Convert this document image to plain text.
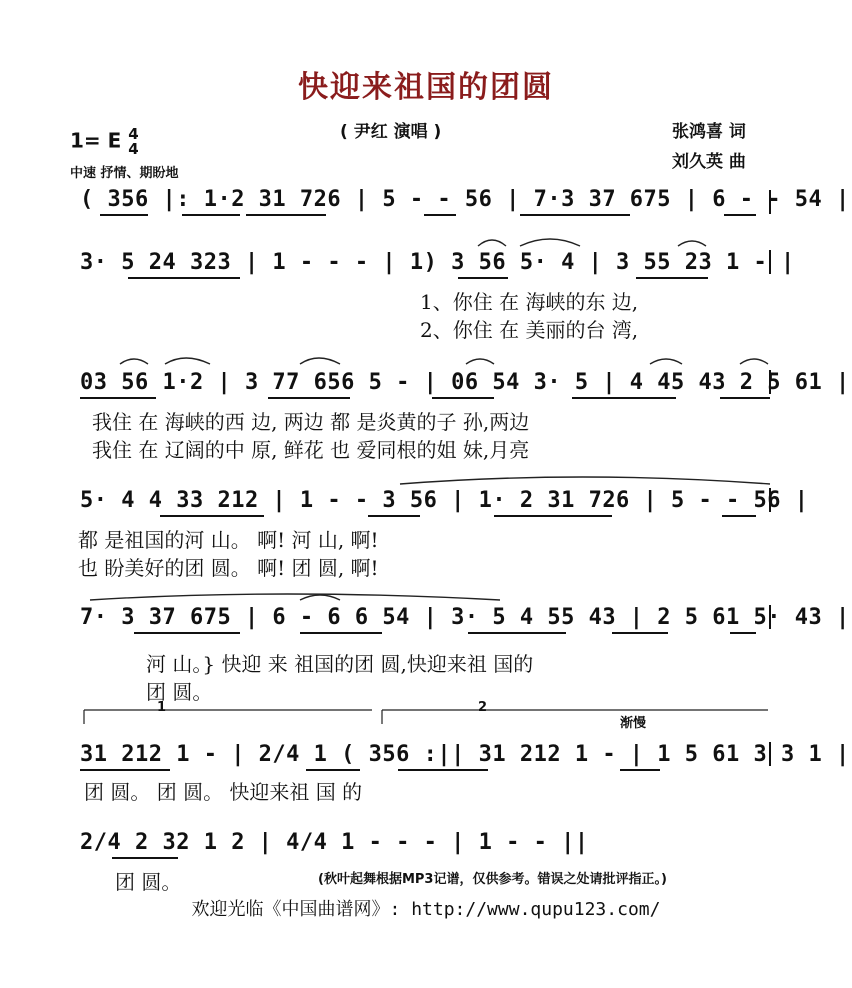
快迎来祖国的团圆
( 尹红 演唱 )	张鸿喜 词
刘久英 曲
1= E 4
4
中速 抒情、期盼地
( 356 |: 1·2 31 726 | 5 - - 56 | 7·3 37 675 | 6 - - 54 |
3· 5 24 323 | 1 - - - | 1) 3 56 5· 4 | 3 55 23 1 - |
1、你住 在 海峡的东 边,
2、你住 在 美丽的台 湾,
03 56 1·2 | 3 77 656 5 - | 06 54 3· 5 | 4 45 43 2 5 61 |
我住 在 海峡的西 边, 两边 都 是炎黄的子 孙,两边
我住 在 辽阔的中 原, 鲜花 也 爱同根的姐 妹,月亮
5· 4 4 33 212 | 1 - - 3 56 | 1· 2 31 726 | 5 - - 56 |
都 是祖国的河 山。 啊! 河 山, 啊!
也 盼美好的团 圆。 啊! 团 圆, 啊!
7· 3 37 675 | 6 - 6 6 54 | 3· 5 4 55 43 | 2 5 61 5· 43 |
河 山。} 快迎 来 祖国的团 圆,快迎来祖 国的
团 圆。
1	2
渐慢
31 212 1 - | 2/4 1 ( 356 :|| 31 212 1 - | 1 5 61 3 3 1 |
团 圆。 团 圆。 快迎来祖 国 的
2/4 2 32 1 2 | 4/4 1 - - - | 1 - - ||
团 圆。	(秋叶起舞根据MP3记谱，仅供参考。错误之处请批评指正。)
欢迎光临《中国曲谱网》: http://www.qupu123.com/
